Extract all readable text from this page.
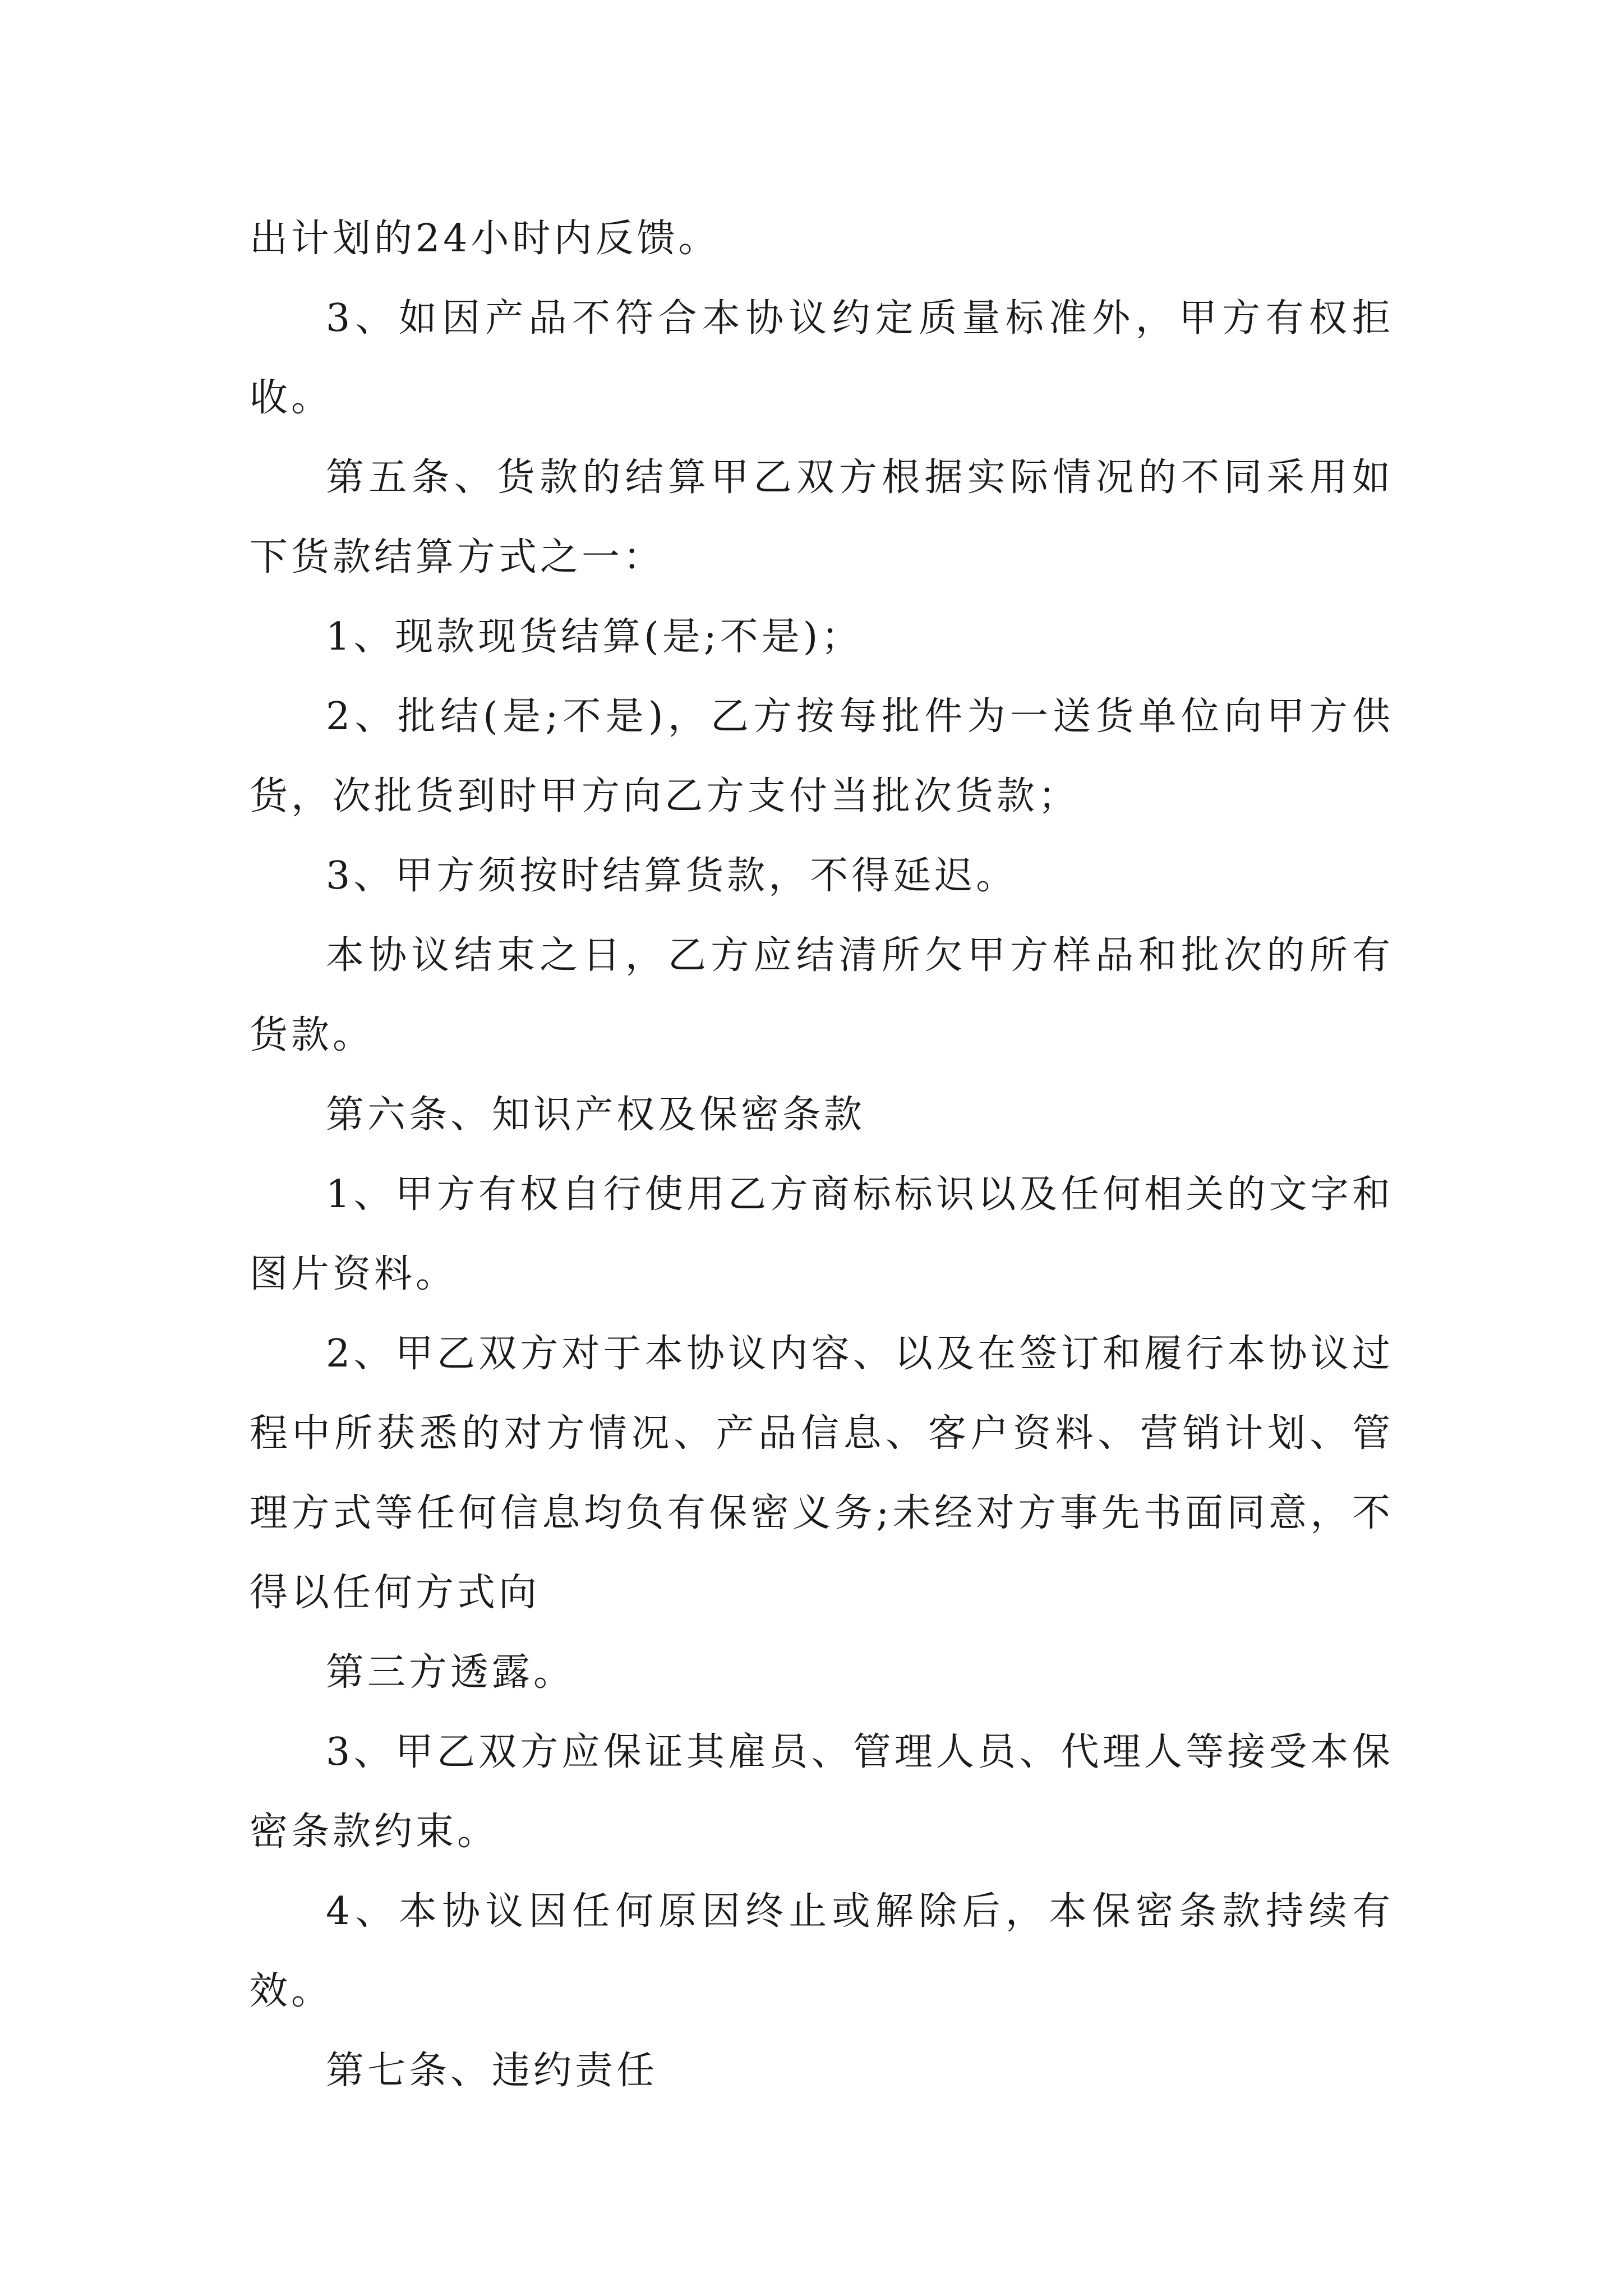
出计划的24小时内反馈。

3、如因产品不符合本协议约定质量标准外，甲方有权拒收。

第五条、货款的结算甲乙双方根据实际情况的不同采用如下货款结算方式之一：

1、现款现货结算(是;不是)；

2、批结(是;不是)，乙方按每批件为一送货单位向甲方供货，次批货到时甲方向乙方支付当批次货款；

3、甲方须按时结算货款，不得延迟。

本协议结束之日，乙方应结清所欠甲方样品和批次的所有货款。

第六条、知识产权及保密条款

1、甲方有权自行使用乙方商标标识以及任何相关的文字和图片资料。

2、甲乙双方对于本协议内容、以及在签订和履行本协议过程中所获悉的对方情况、产品信息、客户资料、营销计划、管理方式等任何信息均负有保密义务;未经对方事先书面同意，不得以任何方式向

第三方透露。

3、甲乙双方应保证其雇员、管理人员、代理人等接受本保密条款约束。

4、本协议因任何原因终止或解除后，本保密条款持续有效。

第七条、违约责任
